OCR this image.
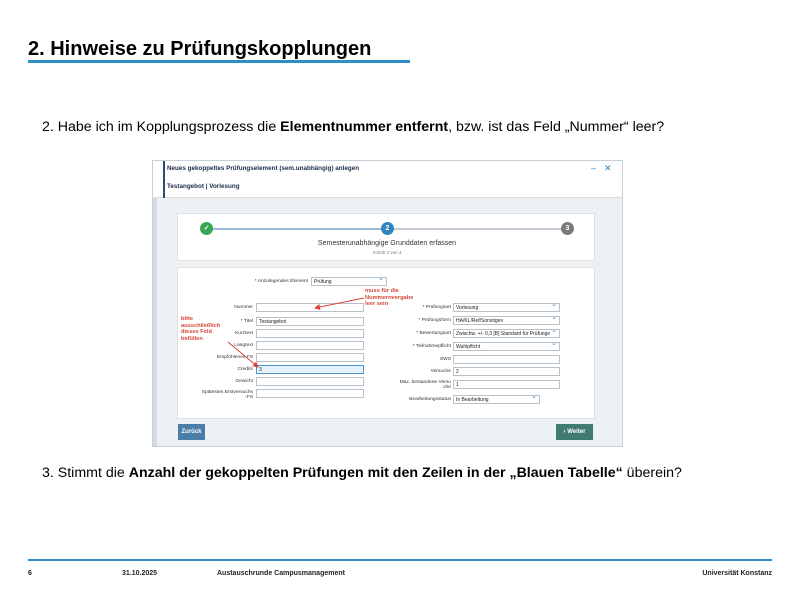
2. Hinweise zu Prüfungskopplungen
2. Habe ich im Kopplungsprozess die Elementnummer entfernt, bzw. ist das Feld „Nummer“ leer?
Neues gekoppeltes Prüfungselement (sem.unabhängig) anlegen
Testangebot | Vorlesung
– ✕
✓	2	3
Semesterunabhängige Grunddaten erfassen
Schritt 2 von 3
* Anzulegendes Element	Prüfung ⌄
Nummer
* Titel	Testangebot
Kurztext
Langtext
Empfohlenes FS
Credits	3
Gewicht
Spätestes Erstversuchs
-FS
* Prüfungsart	Vorlesung ⌄
* Prüfungsform	HA/KL/Ref/Sonstiges ⌄
* Bewertungsart	Zwischw. +/- 0,3 [B] Standard für Prüfunge ⌄
* Teilnahmepflicht	Wahlpflicht ⌄
SWS
Versuche	2
Max. bestandene Versu
che	1
Bearbeitungsstatus	In Bearbeitung ⌄
muss für die
Nummernvergabe
leer sein
bitte
ausschließlich
dieses Feld
befüllen
Zurück	› Weiter
3. Stimmt die Anzahl der gekoppelten Prüfungen mit den Zeilen in der „Blauen Tabelle“ überein?
6	31.10.2025	Austauschrunde Campusmanagement	Universität Konstanz
